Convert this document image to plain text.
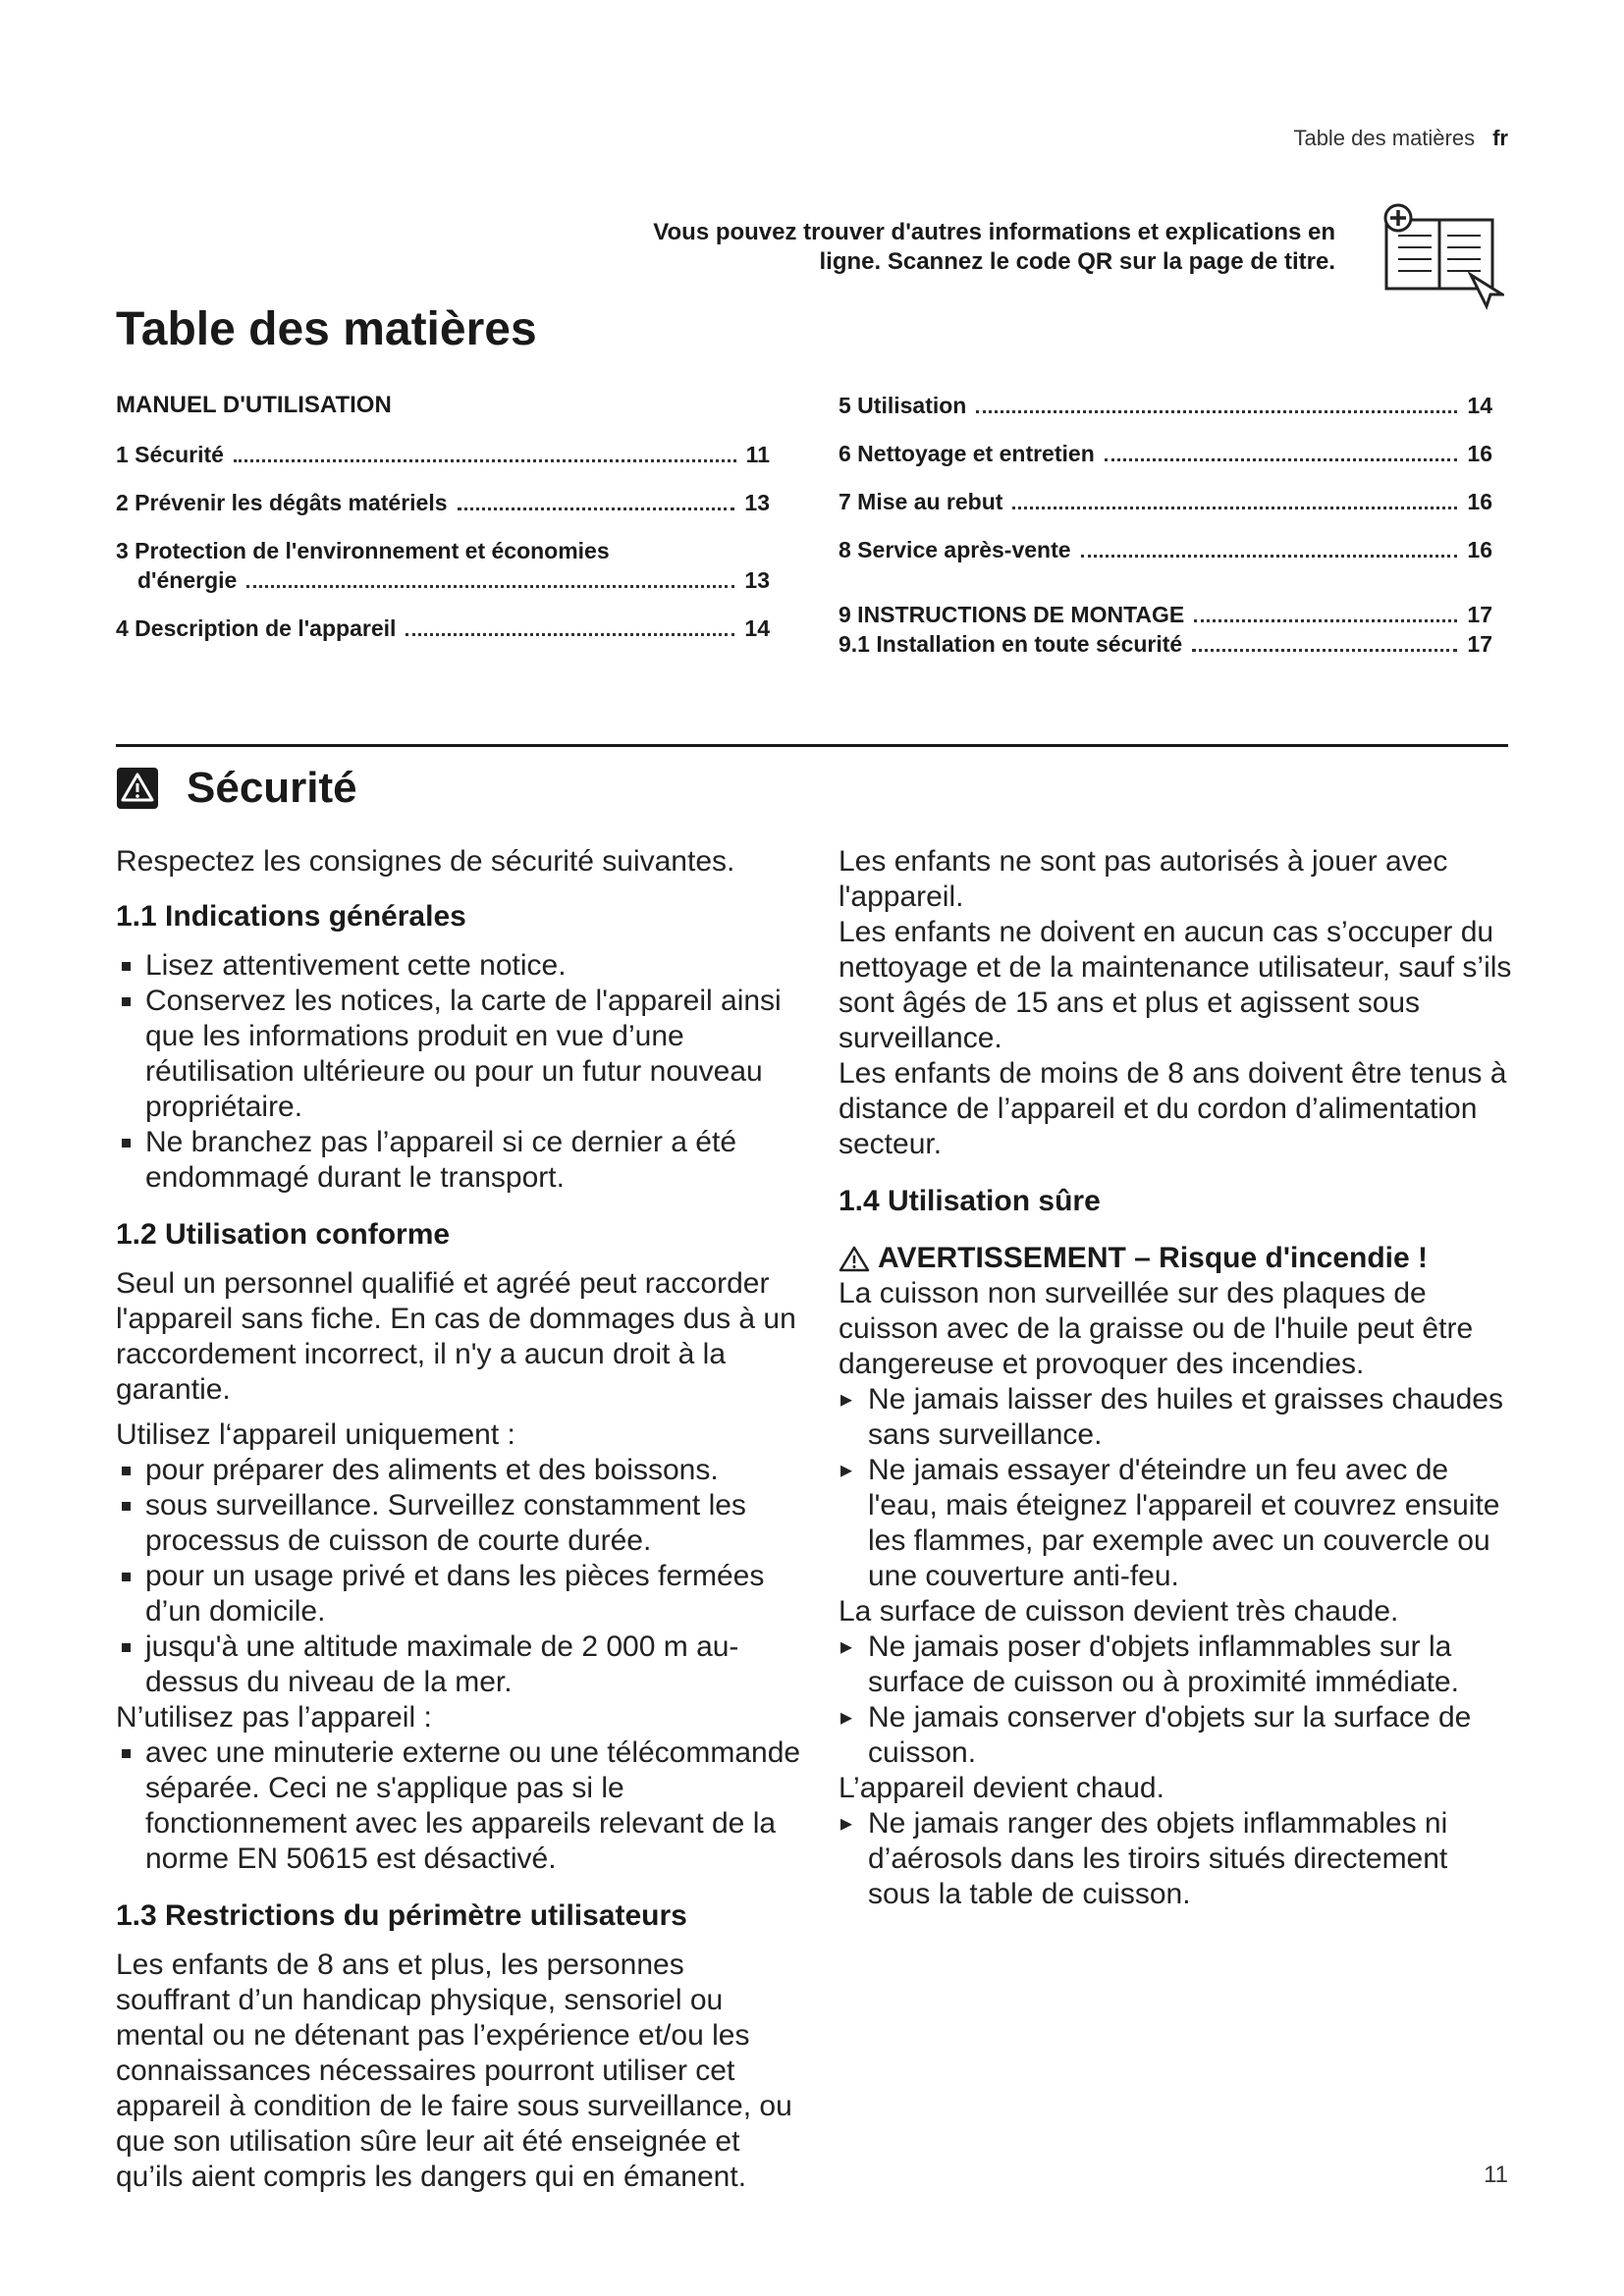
Table des matières fr
Vous pouvez trouver d'autres informations et explications en
ligne. Scannez le code QR sur la page de titre.
Table des matières
MANUEL D'UTILISATION
1 Sécurité	11
2 Prévenir les dégâts matériels	13
3 Protection de l'environnement et économies
d'énergie	13
4 Description de l'appareil	14
5 Utilisation	14
6 Nettoyage et entretien	16
7 Mise au rebut	16
8 Service après-vente	16
9 INSTRUCTIONS DE MONTAGE	17
9.1 Installation en toute sécurité	17
Sécurité

Respectez les consignes de sécurité suivantes.

1.1 Indications générales
Lisez attentivement cette notice.
Conservez les notices, la carte de l'appareil ainsi que les informations produit en vue d’une réutilisation ultérieure ou pour un futur nouveau propriétaire.
Ne branchez pas l’appareil si ce dernier a été endommagé durant le transport.
1.2 Utilisation conforme

Seul un personnel qualifié et agréé peut raccorder l'appareil sans fiche. En cas de dommages dus à un raccordement incorrect, il n'y a aucun droit à la garantie.

Utilisez l‘appareil uniquement :

pour préparer des aliments et des boissons.
sous surveillance. Surveillez constamment les processus de cuisson de courte durée.
pour un usage privé et dans les pièces fermées d’un domicile.
jusqu'à une altitude maximale de 2 000 m au-dessus du niveau de la mer.

N’utilisez pas l’appareil :

avec une minuterie externe ou une télécommande séparée. Ceci ne s'applique pas si le fonctionnement avec les appareils relevant de la norme EN 50615 est désactivé.
1.3 Restrictions du périmètre utilisateurs

Les enfants de 8 ans et plus, les personnes souffrant d’un handicap physique, sensoriel ou mental ou ne détenant pas l’expérience et/ou les connaissances nécessaires pourront utiliser cet appareil à condition de le faire sous surveillance, ou que son utilisation sûre leur ait été enseignée et qu’ils aient compris les dangers qui en émanent.

Les enfants ne sont pas autorisés à jouer avec l'appareil.

Les enfants ne doivent en aucun cas s’occuper du nettoyage et de la maintenance utilisateur, sauf s’ils sont âgés de 15 ans et plus et agissent sous surveillance.

Les enfants de moins de 8 ans doivent être tenus à distance de l’appareil et du cordon d’alimentation secteur.

1.4 Utilisation sûre
AVERTISSEMENT – Risque d'incendie !

La cuisson non surveillée sur des plaques de cuisson avec de la graisse ou de l'huile peut être dangereuse et provoquer des incendies.

▸ Ne jamais laisser des huiles et graisses chaudes sans surveillance.
▸ Ne jamais essayer d'éteindre un feu avec de l'eau, mais éteignez l'appareil et couvrez ensuite les flammes, par exemple avec un couvercle ou une couverture anti-feu.

La surface de cuisson devient très chaude.

▸ Ne jamais poser d'objets inflammables sur la surface de cuisson ou à proximité immédiate.
▸ Ne jamais conserver d'objets sur la surface de cuisson.

L’appareil devient chaud.

▸ Ne jamais ranger des objets inflammables ni d’aérosols dans les tiroirs situés directement sous la table de cuisson.
11
